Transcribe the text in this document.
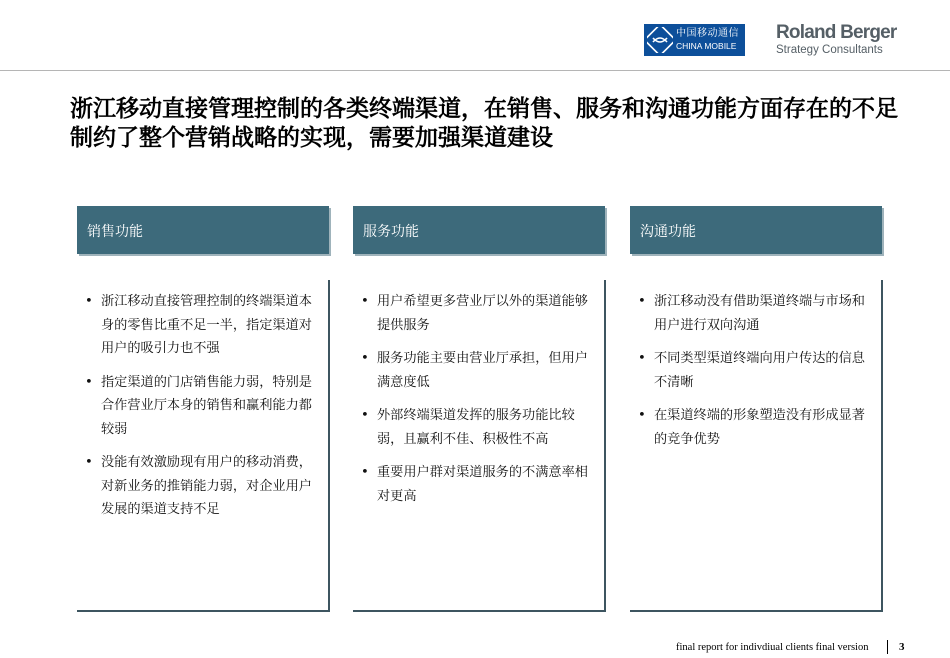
中国移动通信
CHINA MOBILE
Roland Berger
Strategy Consultants
浙江移动直接管理控制的各类终端渠道，在销售、服务和沟通功能方面存在的不足制约了整个营销战略的实现，需要加强渠道建设
销售功能
• 浙江移动直接管理控制的终端渠道本身的零售比重不足一半，指定渠道对用户的吸引力也不强
• 指定渠道的门店销售能力弱，特别是合作营业厅本身的销售和赢利能力都较弱
• 没能有效激励现有用户的移动消费，对新业务的推销能力弱，对企业用户发展的渠道支持不足
服务功能
• 用户希望更多营业厅以外的渠道能够提供服务
• 服务功能主要由营业厅承担，但用户满意度低
• 外部终端渠道发挥的服务功能比较弱，且赢利不佳、积极性不高
• 重要用户群对渠道服务的不满意率相对更高
沟通功能
• 浙江移动没有借助渠道终端与市场和用户进行双向沟通
• 不同类型渠道终端向用户传达的信息不清晰
• 在渠道终端的形象塑造没有形成显著的竞争优势
final report for indivdiual clients final version	3
